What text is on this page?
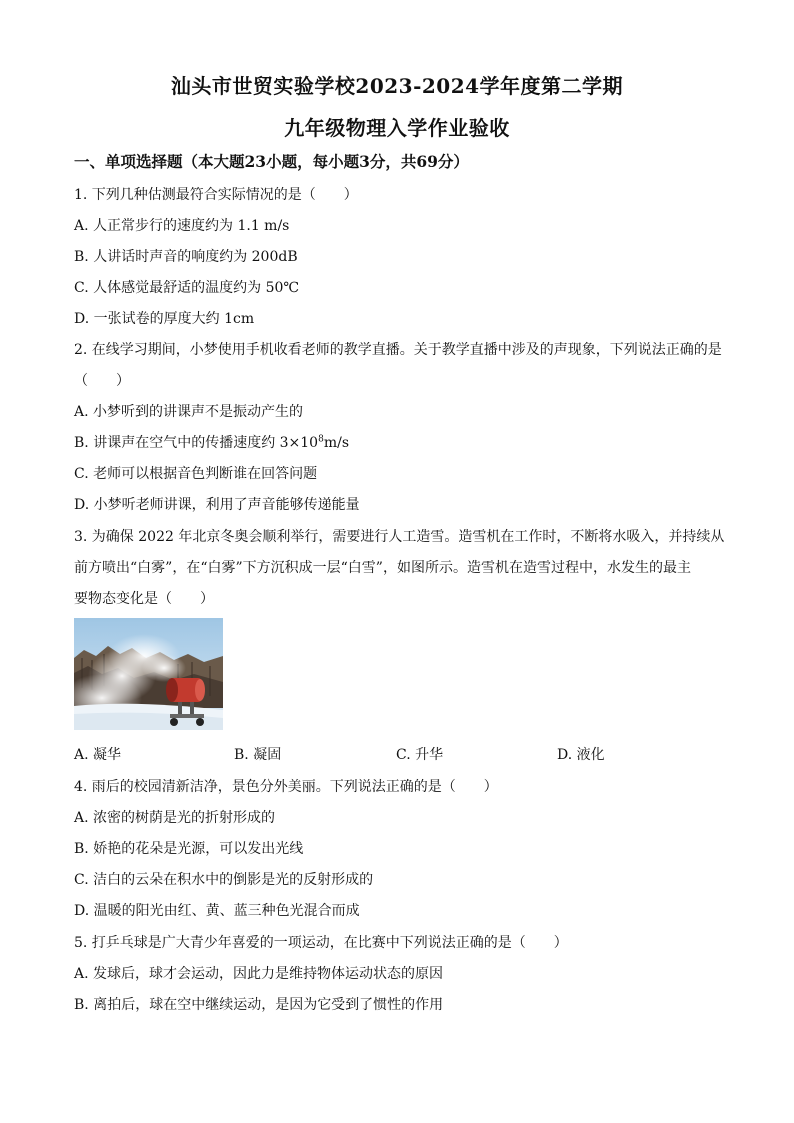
汕头市世贸实验学校2023-2024学年度第二学期
九年级物理入学作业验收
一、单项选择题（本大题23小题，每小题3分，共69分）
1. 下列几种估测最符合实际情况的是（　　）
A. 人正常步行的速度约为 1.1 m/s
B. 人讲话时声音的响度约为 200dB
C. 人体感觉最舒适的温度约为 50℃
D. 一张试卷的厚度大约 1cm
2. 在线学习期间，小梦使用手机收看老师的教学直播。关于教学直播中涉及的声现象，下列说法正确的是
（　　）
A. 小梦听到的讲课声不是振动产生的
B. 讲课声在空气中的传播速度约 $3\times 10^8m/s$
C. 老师可以根据音色判断谁在回答问题
D. 小梦听老师讲课，利用了声音能够传递能量
3. 为确保 2022 年北京冬奥会顺利举行，需要进行人工造雪。造雪机在工作时，不断将水吸入，并持续从
前方喷出“白雾”，在“白雾”下方沉积成一层“白雪”，如图所示。造雪机在造雪过程中，水发生的最主
要物态变化是（　　）
A. 凝华	B. 凝固	C. 升华	D. 液化
4. 雨后的校园清新洁净，景色分外美丽。下列说法正确的是（　　）
A. 浓密的树荫是光的折射形成的
B. 娇艳的花朵是光源，可以发出光线
C. 洁白的云朵在积水中的倒影是光的反射形成的
D. 温暖的阳光由红、黄、蓝三种色光混合而成
5. 打乒乓球是广大青少年喜爱的一项运动，在比赛中下列说法正确的是（　　）
A. 发球后，球才会运动，因此力是维持物体运动状态的原因
B. 离拍后，球在空中继续运动，是因为它受到了惯性的作用
